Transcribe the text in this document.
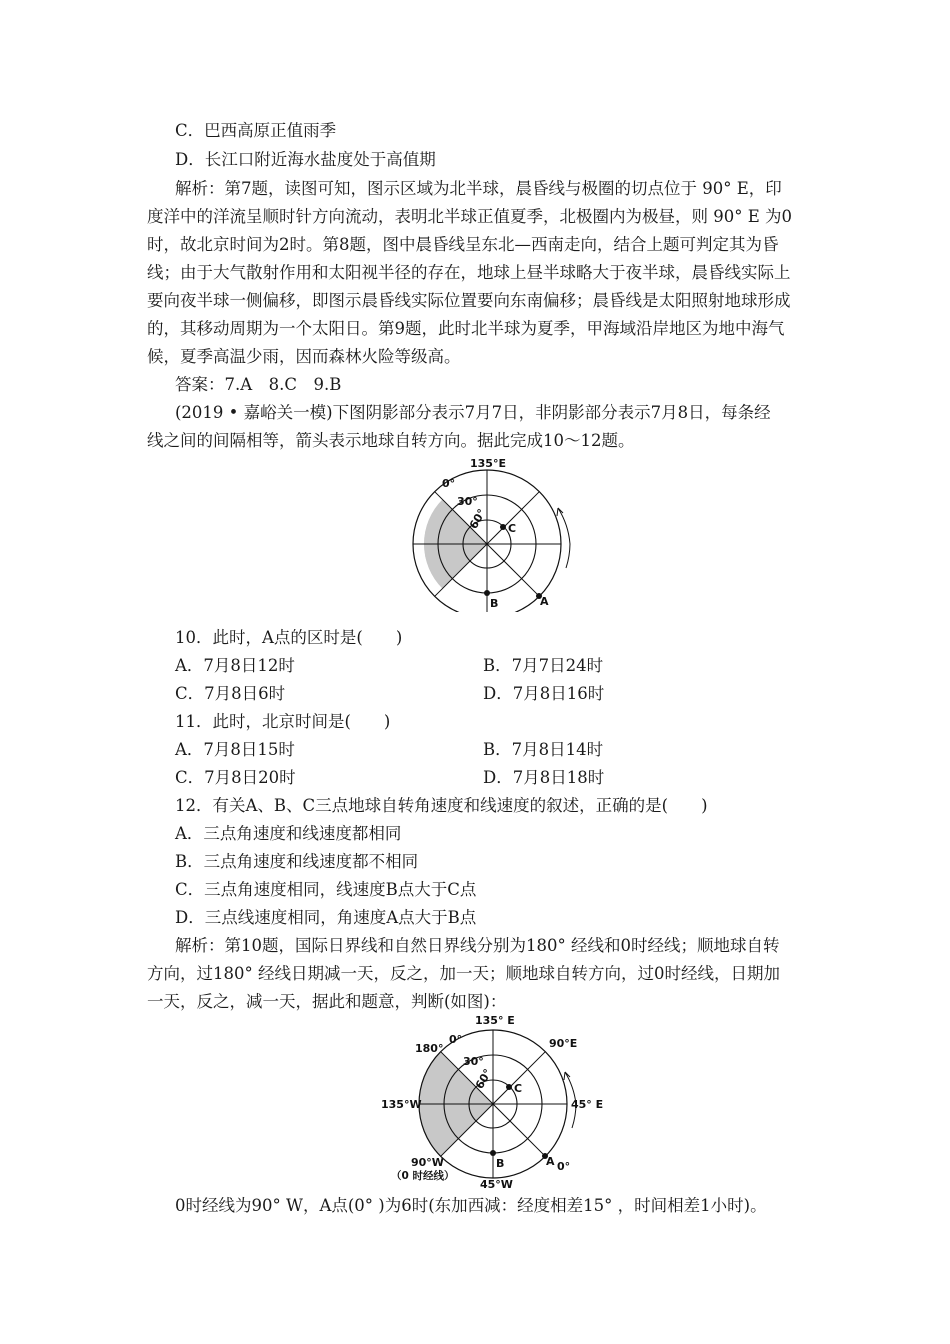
C．巴西高原正值雨季
D．长江口附近海水盐度处于高值期
解析：第7题，读图可知，图示区域为北半球，晨昏线与极圈的切点位于 90° E，印
度洋中的洋流呈顺时针方向流动，表明北半球正值夏季，北极圈内为极昼，则 90° E 为0
时，故北京时间为2时。第8题，图中晨昏线呈东北—西南走向，结合上题可判定其为昏
线；由于大气散射作用和太阳视半径的存在，地球上昼半球略大于夜半球，晨昏线实际上
要向夜半球一侧偏移，即图示晨昏线实际位置要向东南偏移；晨昏线是太阳照射地球形成
的，其移动周期为一个太阳日。第9题，此时北半球为夏季，甲海域沿岸地区为地中海气
候，夏季高温少雨，因而森林火险等级高。
答案：7.A　8.C　9.B
(2019 • 嘉峪关一模)下图阴影部分表示7月7日，非阴影部分表示7月8日，每条经
线之间的间隔相等，箭头表示地球自转方向。据此完成10～12题。
135°E
0°
30°
60° C
B	A
10．此时，A点的区时是(　　)
A．7月8日12时	B．7月7日24时
C．7月8日6时	D．7月8日16时
11．此时，北京时间是(　　)
A．7月8日15时	B．7月8日14时
C．7月8日20时	D．7月8日18时
12．有关A、B、C三点地球自转角速度和线速度的叙述，正确的是(　　)
A．三点角速度和线速度都相同
B．三点角速度和线速度都不相同
C．三点角速度相同，线速度B点大于C点
D．三点线速度相同，角速度A点大于B点
解析：第10题，国际日界线和自然日界线分别为180° 经线和0时经线；顺地球自转
方向，过180° 经线日期减一天，反之，加一天；顺地球自转方向，过0时经线，日期加
一天，反之，减一天，据此和题意，判断(如图)：
135° E
0°
180°	90°E
30°
60°
135°W	45° E
C
B	A 0°
90°W
（0 时经线）
45°W
0时经线为90° W，A点(0° )为6时(东加西减：经度相差15° ，时间相差1小时)。
